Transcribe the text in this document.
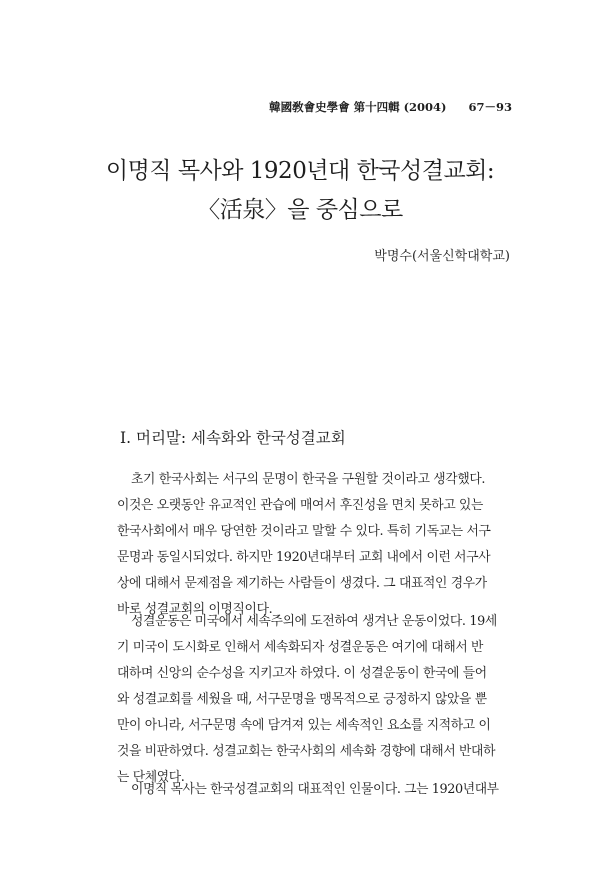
韓國敎會史學會 第十四輯 (2004) 67－93
이명직 목사와 1920년대 한국성결교회:
〈活泉〉을 중심으로
박명수(서울신학대학교)
I. 머리말: 세속화와 한국성결교회
초기 한국사회는 서구의 문명이 한국을 구원할 것이라고 생각했다.
이것은 오랫동안 유교적인 관습에 매여서 후진성을 면치 못하고 있는
한국사회에서 매우 당연한 것이라고 말할 수 있다. 특히 기독교는 서구
문명과 동일시되었다. 하지만 1920년대부터 교회 내에서 이런 서구사
상에 대해서 문제점을 제기하는 사람들이 생겼다. 그 대표적인 경우가
바로 성결교회의 이명직이다.
성결운동은 미국에서 세속주의에 도전하여 생겨난 운동이었다. 19세
기 미국이 도시화로 인해서 세속화되자 성결운동은 여기에 대해서 반
대하며 신앙의 순수성을 지키고자 하였다. 이 성결운동이 한국에 들어
와 성결교회를 세웠을 때, 서구문명을 맹목적으로 긍정하지 않았을 뿐
만이 아니라, 서구문명 속에 담겨져 있는 세속적인 요소를 지적하고 이
것을 비판하였다. 성결교회는 한국사회의 세속화 경향에 대해서 반대하
는 단체였다.
이명직 목사는 한국성결교회의 대표적인 인물이다. 그는 1920년대부
